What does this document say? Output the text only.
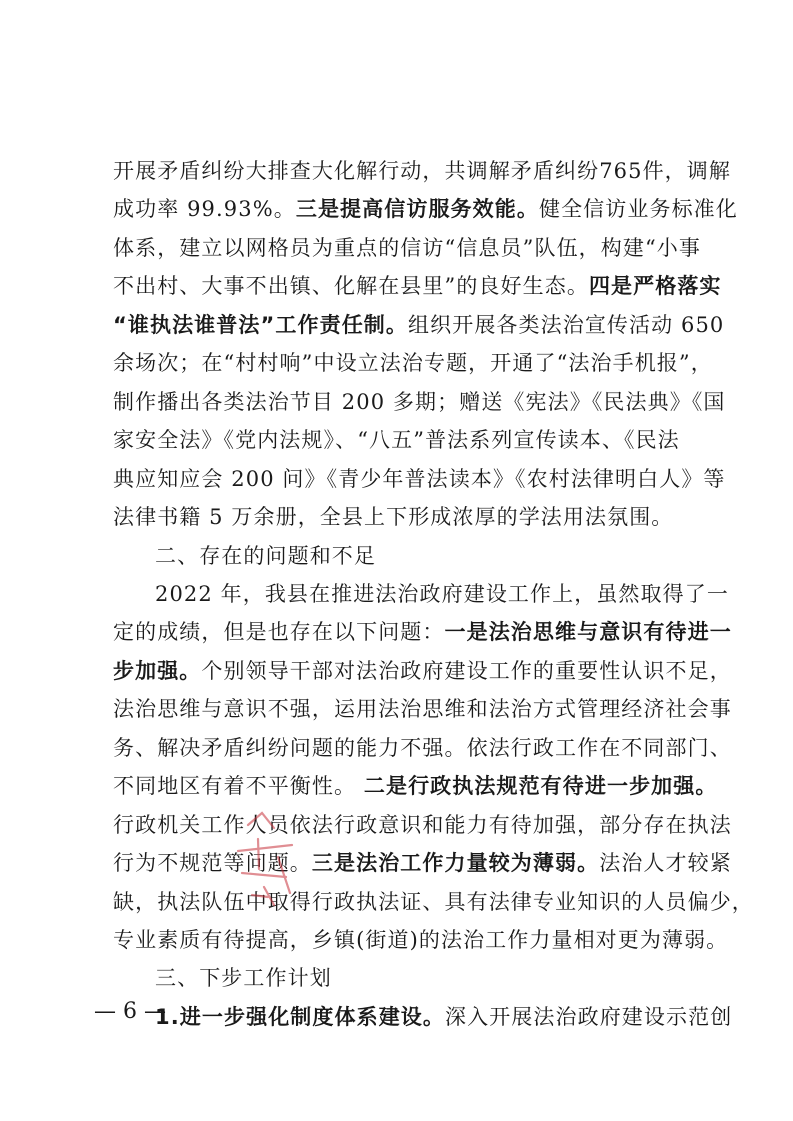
开展矛盾纠纷大排查大化解行动，共调解矛盾纠纷765件，调解
成功率 99.93%。三是提高信访服务效能。健全信访业务标准化
体系，建立以网格员为重点的信访“信息员”队伍，构建“小事
不出村、大事不出镇、化解在县里”的良好生态。四是严格落实
“谁执法谁普法”工作责任制。组织开展各类法治宣传活动 650
余场次；在“村村响”中设立法治专题，开通了“法治手机报”，
制作播出各类法治节目 200 多期；赠送《宪法》《民法典》《国
家安全法》《党内法规》、“八五”普法系列宣传读本、《民法
典应知应会 200 问》《青少年普法读本》《农村法律明白人》等
法律书籍 5 万余册，全县上下形成浓厚的学法用法氛围。
二、存在的问题和不足
2022 年，我县在推进法治政府建设工作上，虽然取得了一
定的成绩，但是也存在以下问题：一是法治思维与意识有待进一
步加强。个别领导干部对法治政府建设工作的重要性认识不足，
法治思维与意识不强，运用法治思维和法治方式管理经济社会事
务、解决矛盾纠纷问题的能力不强。依法行政工作在不同部门、
不同地区有着不平衡性。 二是行政执法规范有待进一步加强。
行政机关工作人员依法行政意识和能力有待加强，部分存在执法
行为不规范等问题。三是法治工作力量较为薄弱。法治人才较紧
缺，执法队伍中取得行政执法证、具有法律专业知识的人员偏少，
专业素质有待提高，乡镇(街道)的法治工作力量相对更为薄弱。
三、下步工作计划
1.进一步强化制度体系建设。深入开展法治政府建设示范创
— 6 —
